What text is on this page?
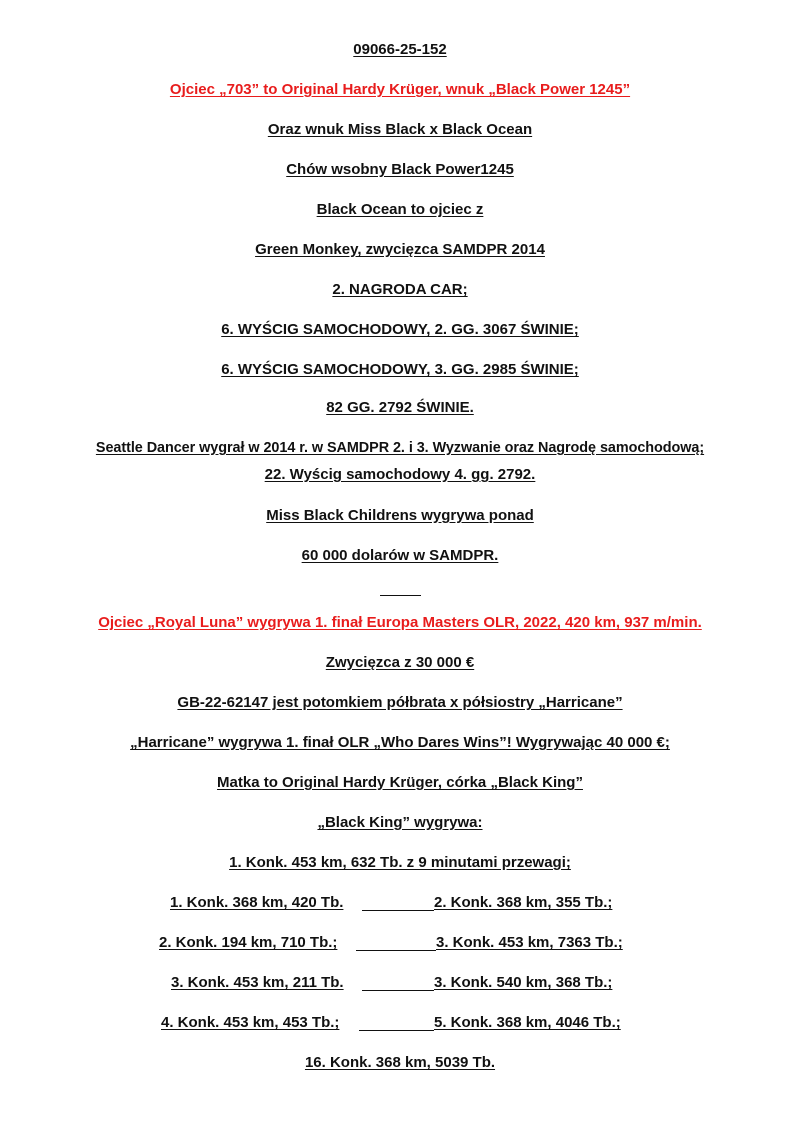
09066-25-152
Ojciec „703” to Original Hardy Krüger, wnuk „Black Power 1245”
Oraz wnuk Miss Black x Black Ocean
Chów wsobny Black Power1245
Black Ocean to ojciec z
Green Monkey, zwycięzca SAMDPR 2014
2. NAGRODA CAR;
6. WYŚCIG SAMOCHODOWY, 2. GG. 3067 ŚWINIE;
6. WYŚCIG SAMOCHODOWY, 3. GG. 2985 ŚWINIE;
82 GG. 2792 ŚWINIE.
Seattle Dancer wygrał w 2014 r. w SAMDPR 2. i 3. Wyzwanie oraz Nagrodę samochodową;
22. Wyścig samochodowy 4. gg. 2792.
Miss Black Childrens wygrywa ponad
60 000 dolarów w SAMDPR.
Ojciec „Royal Luna” wygrywa 1. finał Europa Masters OLR, 2022, 420 km, 937 m/min.
Zwycięzca z 30 000 €
GB-22-62147 jest potomkiem półbrata x półsiostry „Harricane”
„Harricane” wygrywa 1. finał OLR „Who Dares Wins”! Wygrywając 40 000 €;
Matka to Original Hardy Krüger, córka „Black King”
„Black King” wygrywa:
1. Konk. 453 km, 632 Tb. z 9 minutami przewagi;
1. Konk. 368 km, 420 Tb.	2. Konk. 368 km, 355 Tb.;
2. Konk. 194 km, 710 Tb.;	3. Konk. 453 km, 7363 Tb.;
3. Konk. 453 km, 211 Tb.	3. Konk. 540 km, 368 Tb.;
4. Konk. 453 km, 453 Tb.;	5. Konk. 368 km, 4046 Tb.;
16. Konk. 368 km, 5039 Tb.
